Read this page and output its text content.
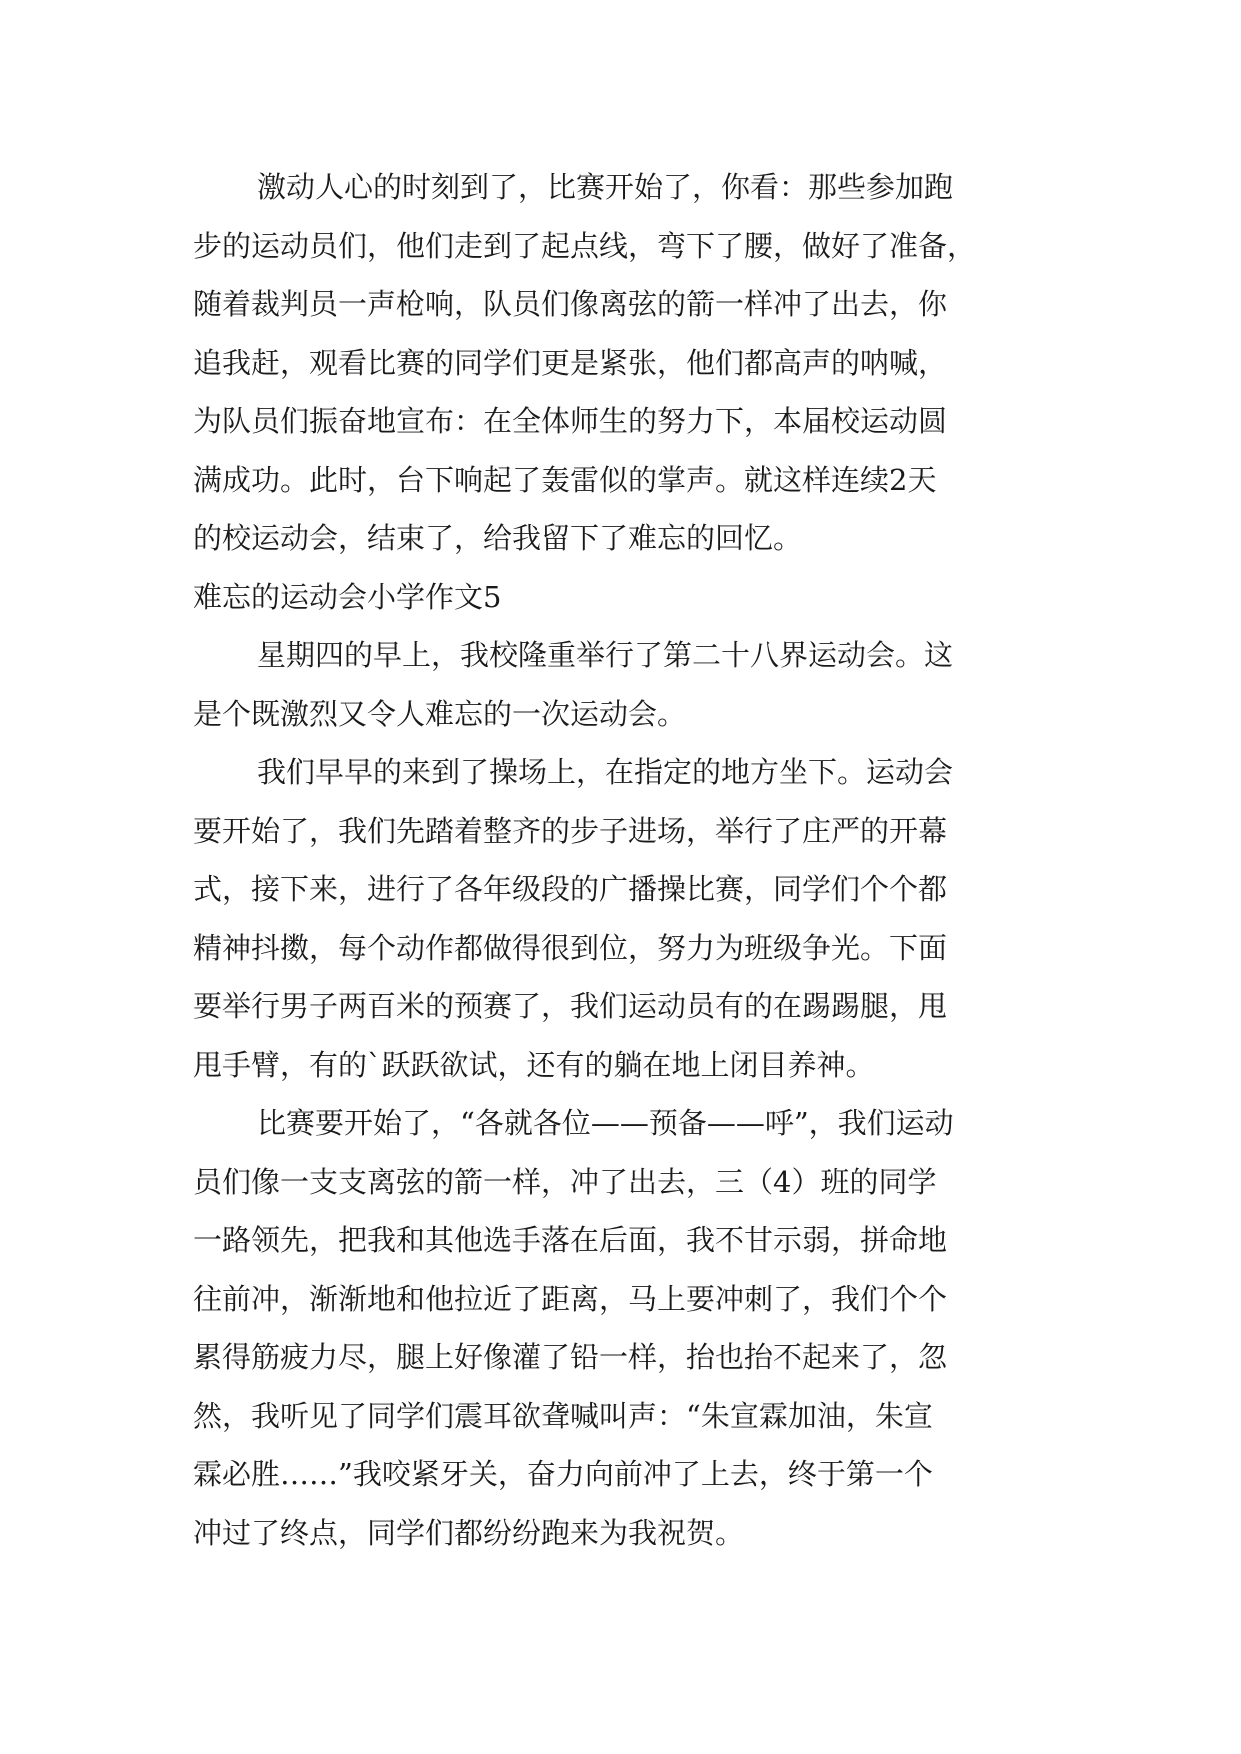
激动人心的时刻到了，比赛开始了，你看：那些参加跑
步的运动员们，他们走到了起点线，弯下了腰，做好了准备，
随着裁判员一声枪响，队员们像离弦的箭一样冲了出去，你
追我赶，观看比赛的同学们更是紧张，他们都高声的呐喊，
为队员们振奋地宣布：在全体师生的努力下，本届校运动圆
满成功。此时，台下响起了轰雷似的掌声。就这样连续2天
的校运动会，结束了，给我留下了难忘的回忆。
难忘的运动会小学作文5
星期四的早上，我校隆重举行了第二十八界运动会。这
是个既激烈又令人难忘的一次运动会。
我们早早的来到了操场上，在指定的地方坐下。运动会
要开始了，我们先踏着整齐的步子进场，举行了庄严的开幕
式，接下来，进行了各年级段的广播操比赛，同学们个个都
精神抖擞，每个动作都做得很到位，努力为班级争光。下面
要举行男子两百米的预赛了，我们运动员有的在踢踢腿，甩
甩手臂，有的`跃跃欲试，还有的躺在地上闭目养神。
比赛要开始了，“各就各位——预备——呼”，我们运动
员们像一支支离弦的箭一样，冲了出去，三（4）班的同学
一路领先，把我和其他选手落在后面，我不甘示弱，拼命地
往前冲，渐渐地和他拉近了距离，马上要冲刺了，我们个个
累得筋疲力尽，腿上好像灌了铅一样，抬也抬不起来了，忽
然，我听见了同学们震耳欲聋喊叫声：“朱宣霖加油，朱宣
霖必胜……”我咬紧牙关，奋力向前冲了上去，终于第一个
冲过了终点，同学们都纷纷跑来为我祝贺。
